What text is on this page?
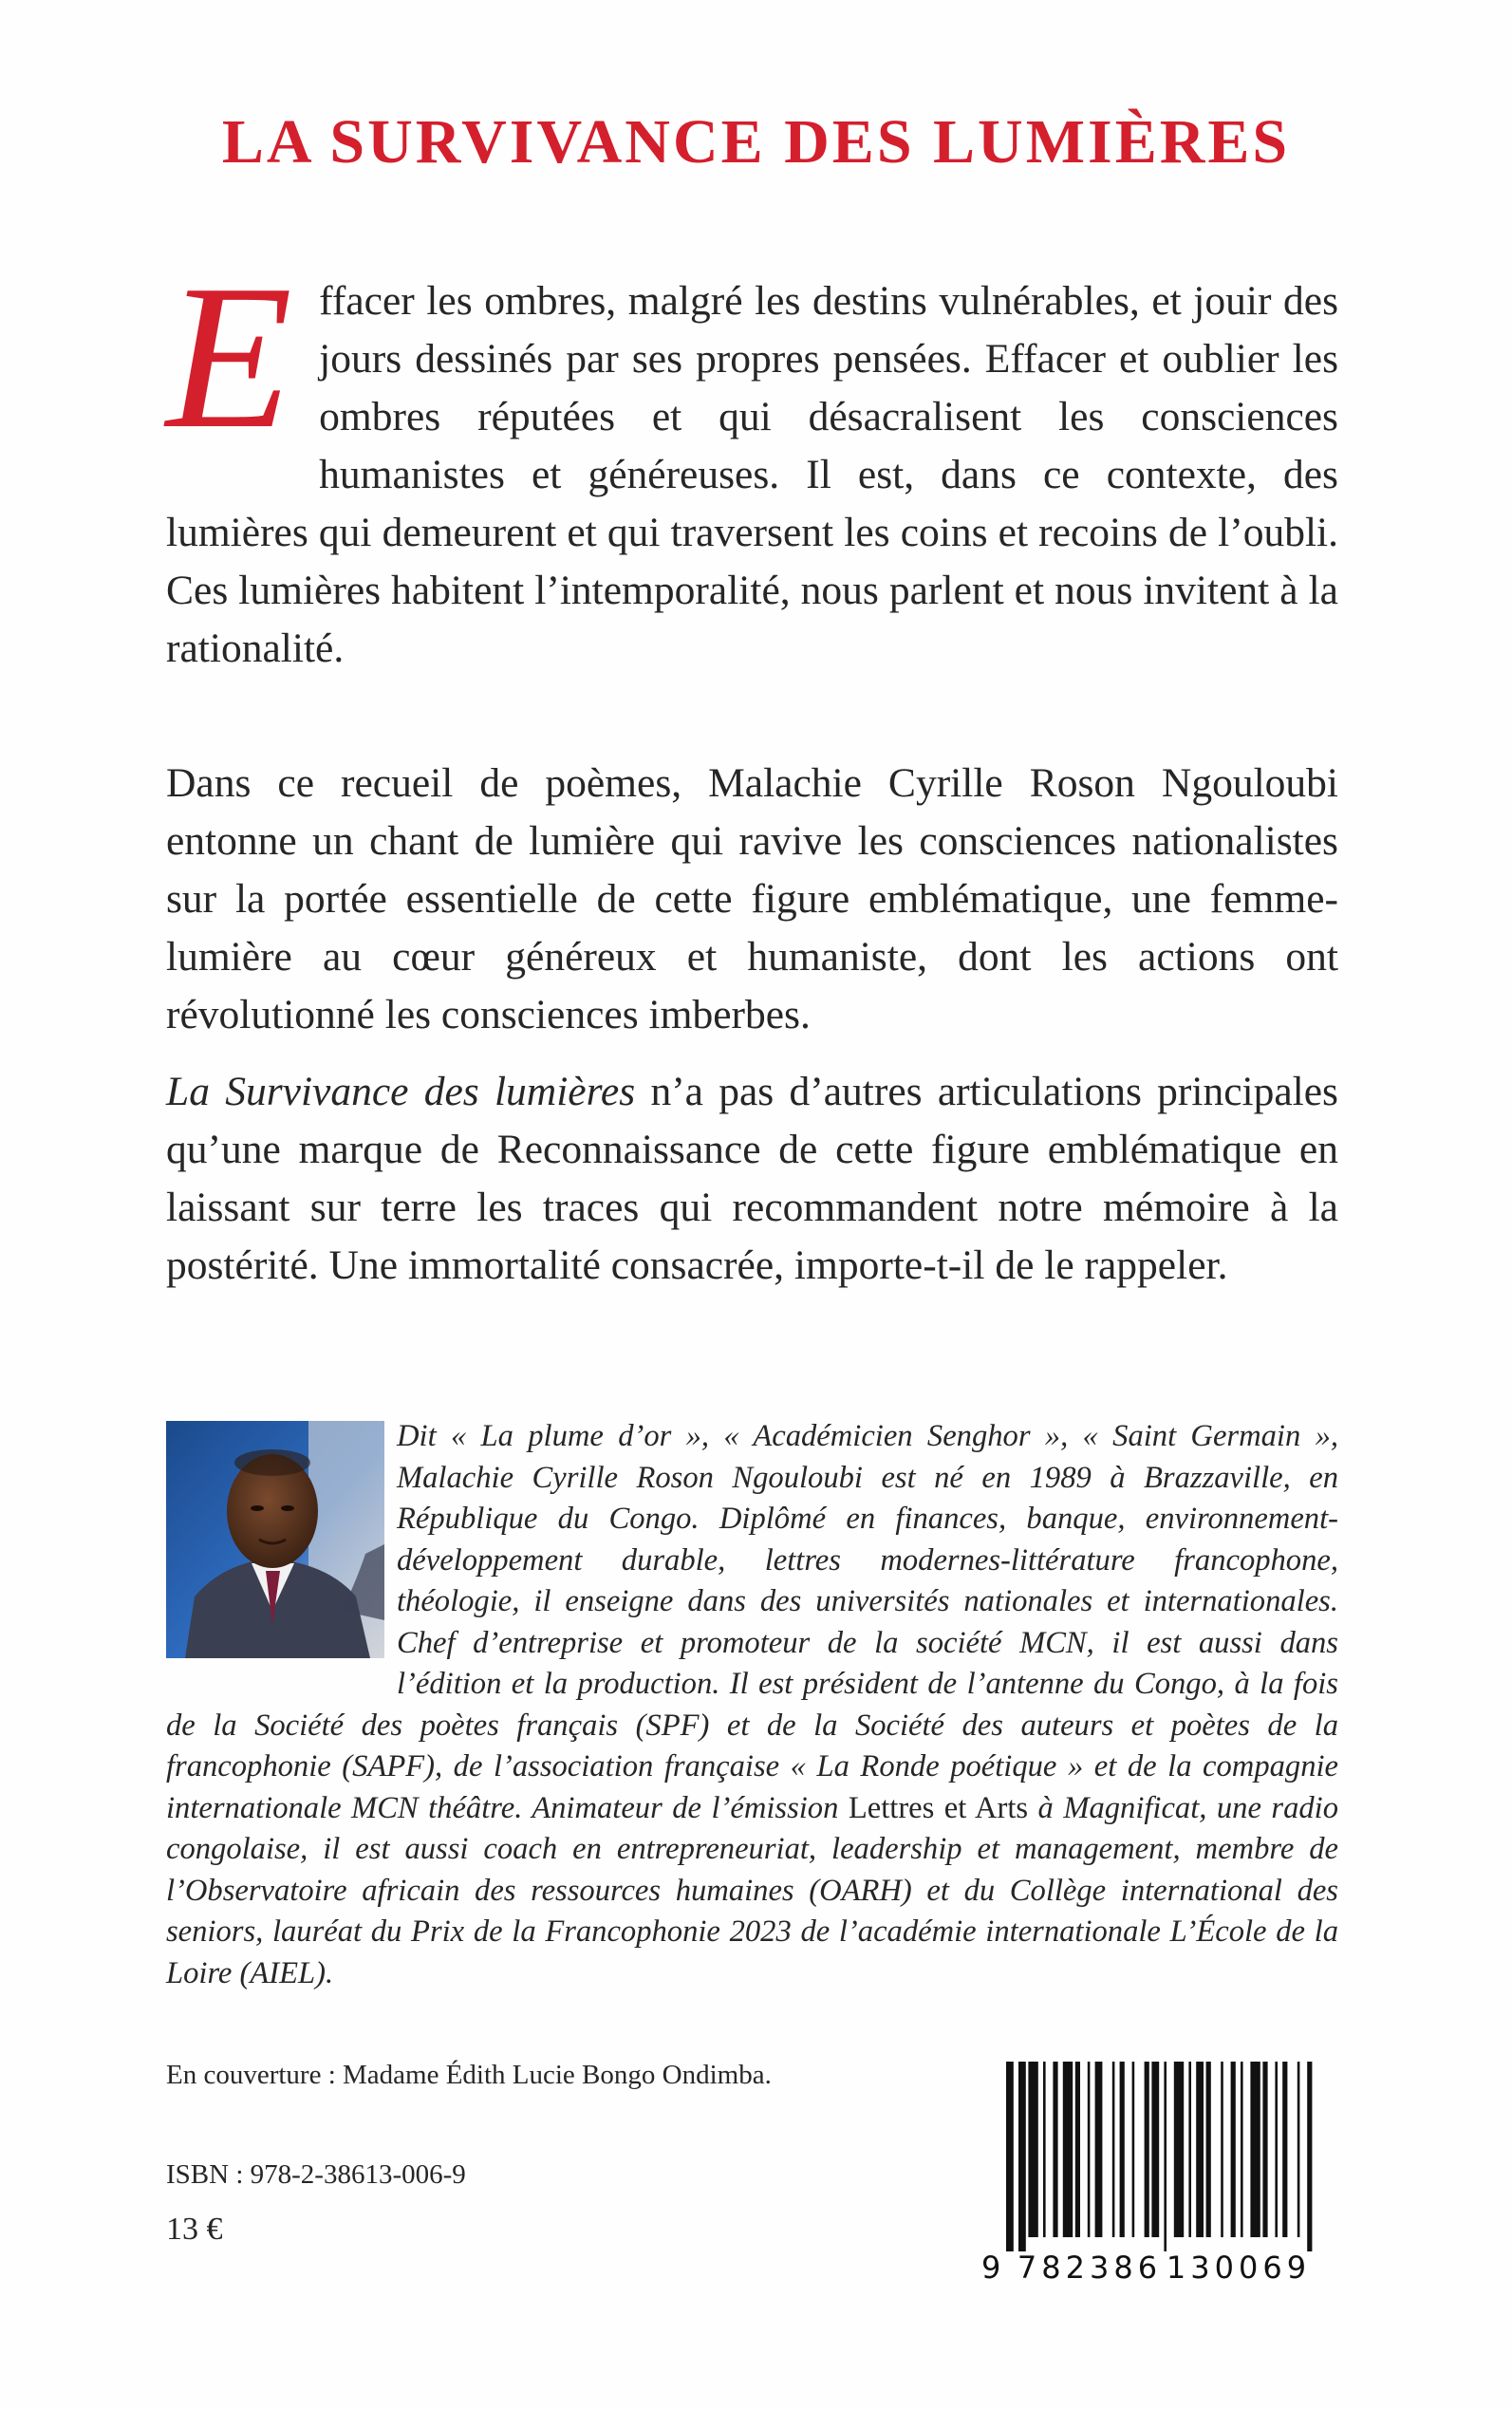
LA SURVIVANCE DES LUMIÈRES

Effacer les ombres, malgré les destins vulnérables, et jouir des jours dessinés par ses propres pensées. Effacer et oublier les ombres réputées et qui désacralisent les consciences humanistes et généreuses. Il est, dans ce contexte, des lumières qui demeurent et qui traversent les coins et recoins de l’oubli. Ces lumières habitent l’intemporalité, nous parlent et nous invitent à la rationalité.

Dans ce recueil de poèmes, Malachie Cyrille Roson Ngouloubi entonne un chant de lumière qui ravive les consciences nationalistes sur la portée essentielle de cette figure emblématique, une femme-lumière au cœur généreux et humaniste, dont les actions ont révolutionné les consciences imberbes.

La Survivance des lumières n’a pas d’autres articulations principales qu’une marque de Reconnaissance de cette figure emblématique en laissant sur terre les traces qui recommandent notre mémoire à la postérité. Une immortalité consacrée, importe-t-il de le rappeler.

Dit « La plume d’or », « Académicien Senghor », « Saint Germain », Malachie Cyrille Roson Ngouloubi est né en 1989 à Brazzaville, en République du Congo. Diplômé en finances, banque, environnement-développement durable, lettres modernes-littérature francophone, théologie, il enseigne dans des universités nationales et internationales. Chef d’entreprise et promoteur de la société MCN, il est aussi dans l’édition et la production. Il est président de l’antenne du Congo, à la fois de la Société des poètes français (SPF) et de la Société des auteurs et poètes de la francophonie (SAPF), de l’association française « La Ronde poétique » et de la compagnie internationale MCN théâtre. Animateur de l’émission Lettres et Arts à Magnificat, une radio congolaise, il est aussi coach en entrepreneuriat, leadership et management, membre de l’Observatoire africain des ressources humaines (OARH) et du Collège international des seniors, lauréat du Prix de la Francophonie 2023 de l’académie internationale L’École de la Loire (AIEL).

En couverture : Madame Édith Lucie Bongo Ondimba.

ISBN : 978-2-38613-006-9

13 €

9 782386 130069
